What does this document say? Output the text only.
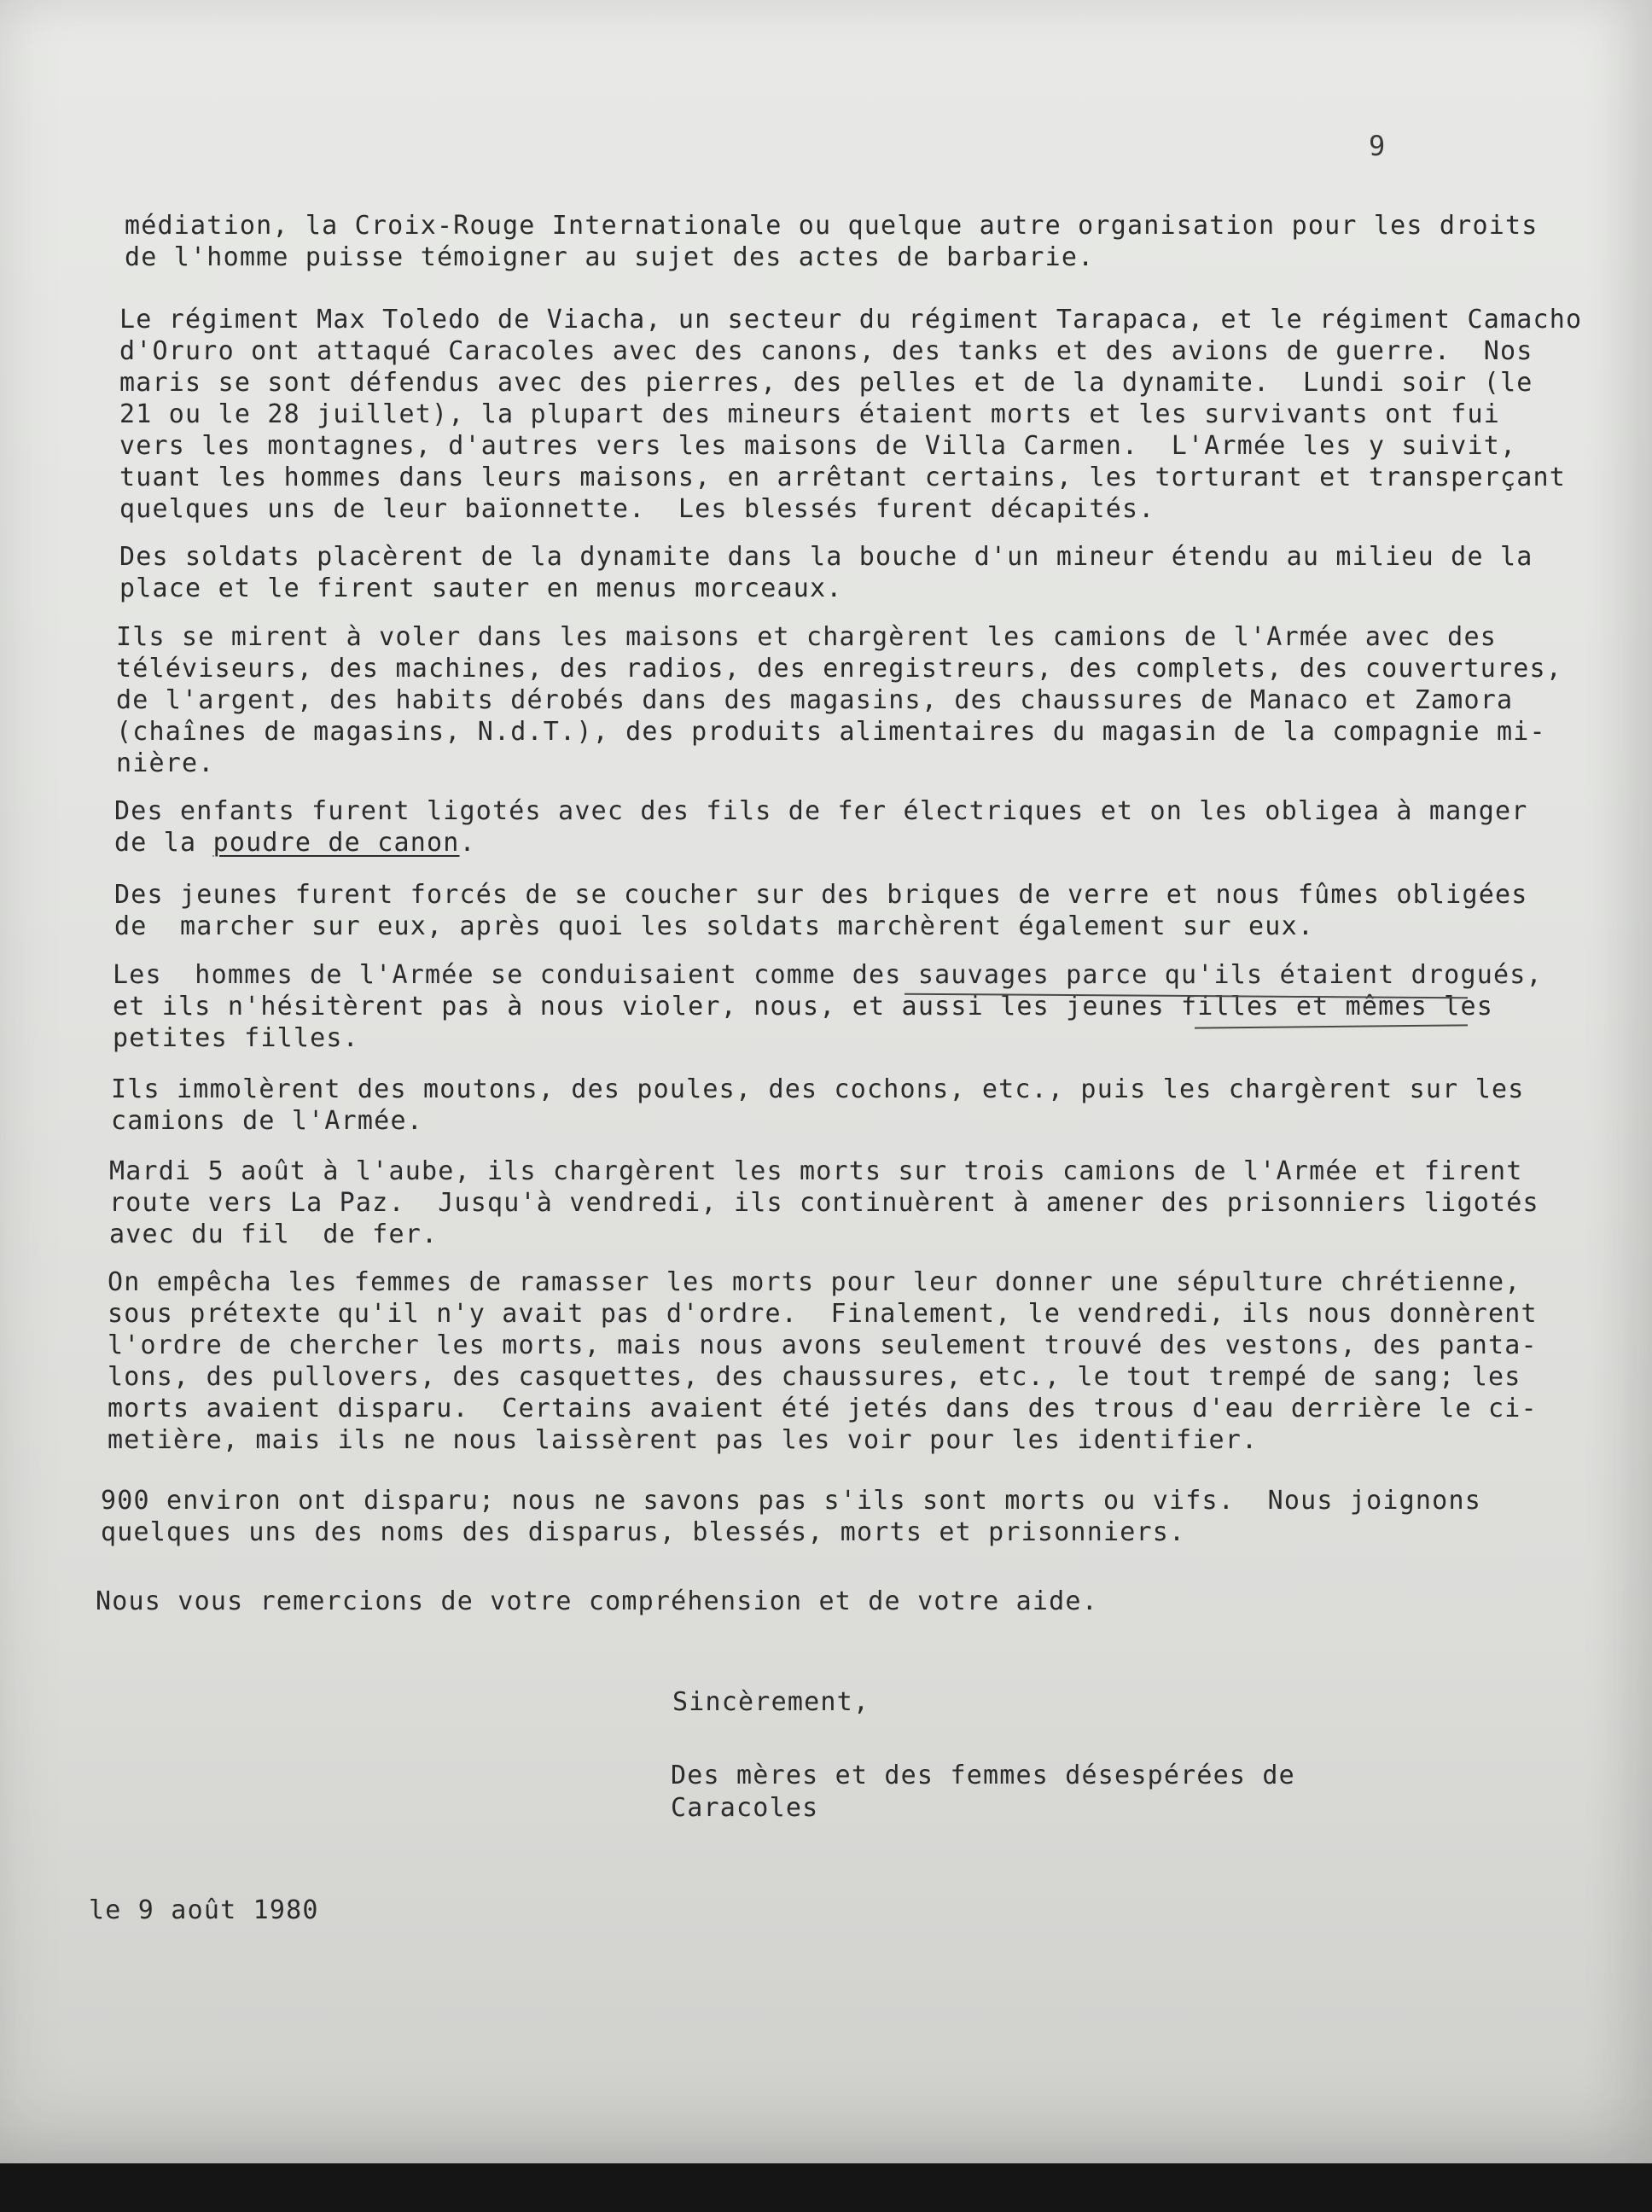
9
médiation, la Croix-Rouge Internationale ou quelque autre organisation pour les droits
de l'homme puisse témoigner au sujet des actes de barbarie.
Le régiment Max Toledo de Viacha, un secteur du régiment Tarapaca, et le régiment Camacho
d'Oruro ont attaqué Caracoles avec des canons, des tanks et des avions de guerre.  Nos
maris se sont défendus avec des pierres, des pelles et de la dynamite.  Lundi soir (le
21 ou le 28 juillet), la plupart des mineurs étaient morts et les survivants ont fui
vers les montagnes, d'autres vers les maisons de Villa Carmen.  L'Armée les y suivit,
tuant les hommes dans leurs maisons, en arrêtant certains, les torturant et transperçant
quelques uns de leur baïonnette.  Les blessés furent décapités.
Des soldats placèrent de la dynamite dans la bouche d'un mineur étendu au milieu de la
place et le firent sauter en menus morceaux.
Ils se mirent à voler dans les maisons et chargèrent les camions de l'Armée avec des
téléviseurs, des machines, des radios, des enregistreurs, des complets, des couvertures,
de l'argent, des habits dérobés dans des magasins, des chaussures de Manaco et Zamora
(chaînes de magasins, N.d.T.), des produits alimentaires du magasin de la compagnie mi-
nière.
Des enfants furent ligotés avec des fils de fer électriques et on les obligea à manger
de la poudre de canon.
Des jeunes furent forcés de se coucher sur des briques de verre et nous fûmes obligées
de  marcher sur eux, après quoi les soldats marchèrent également sur eux.
Les  hommes de l'Armée se conduisaient comme des sauvages parce qu'ils étaient drogués,
et ils n'hésitèrent pas à nous violer, nous, et aussi les jeunes filles et mêmes les
petites filles.
Ils immolèrent des moutons, des poules, des cochons, etc., puis les chargèrent sur les
camions de l'Armée.
Mardi 5 août à l'aube, ils chargèrent les morts sur trois camions de l'Armée et firent
route vers La Paz.  Jusqu'à vendredi, ils continuèrent à amener des prisonniers ligotés
avec du fil  de fer.
On empêcha les femmes de ramasser les morts pour leur donner une sépulture chrétienne,
sous prétexte qu'il n'y avait pas d'ordre.  Finalement, le vendredi, ils nous donnèrent
l'ordre de chercher les morts, mais nous avons seulement trouvé des vestons, des panta-
lons, des pullovers, des casquettes, des chaussures, etc., le tout trempé de sang; les
morts avaient disparu.  Certains avaient été jetés dans des trous d'eau derrière le ci-
metière, mais ils ne nous laissèrent pas les voir pour les identifier.
900 environ ont disparu; nous ne savons pas s'ils sont morts ou vifs.  Nous joignons
quelques uns des noms des disparus, blessés, morts et prisonniers.
Nous vous remercions de votre compréhension et de votre aide.
Sincèrement,
Des mères et des femmes désespérées de
Caracoles
le 9 août 1980
